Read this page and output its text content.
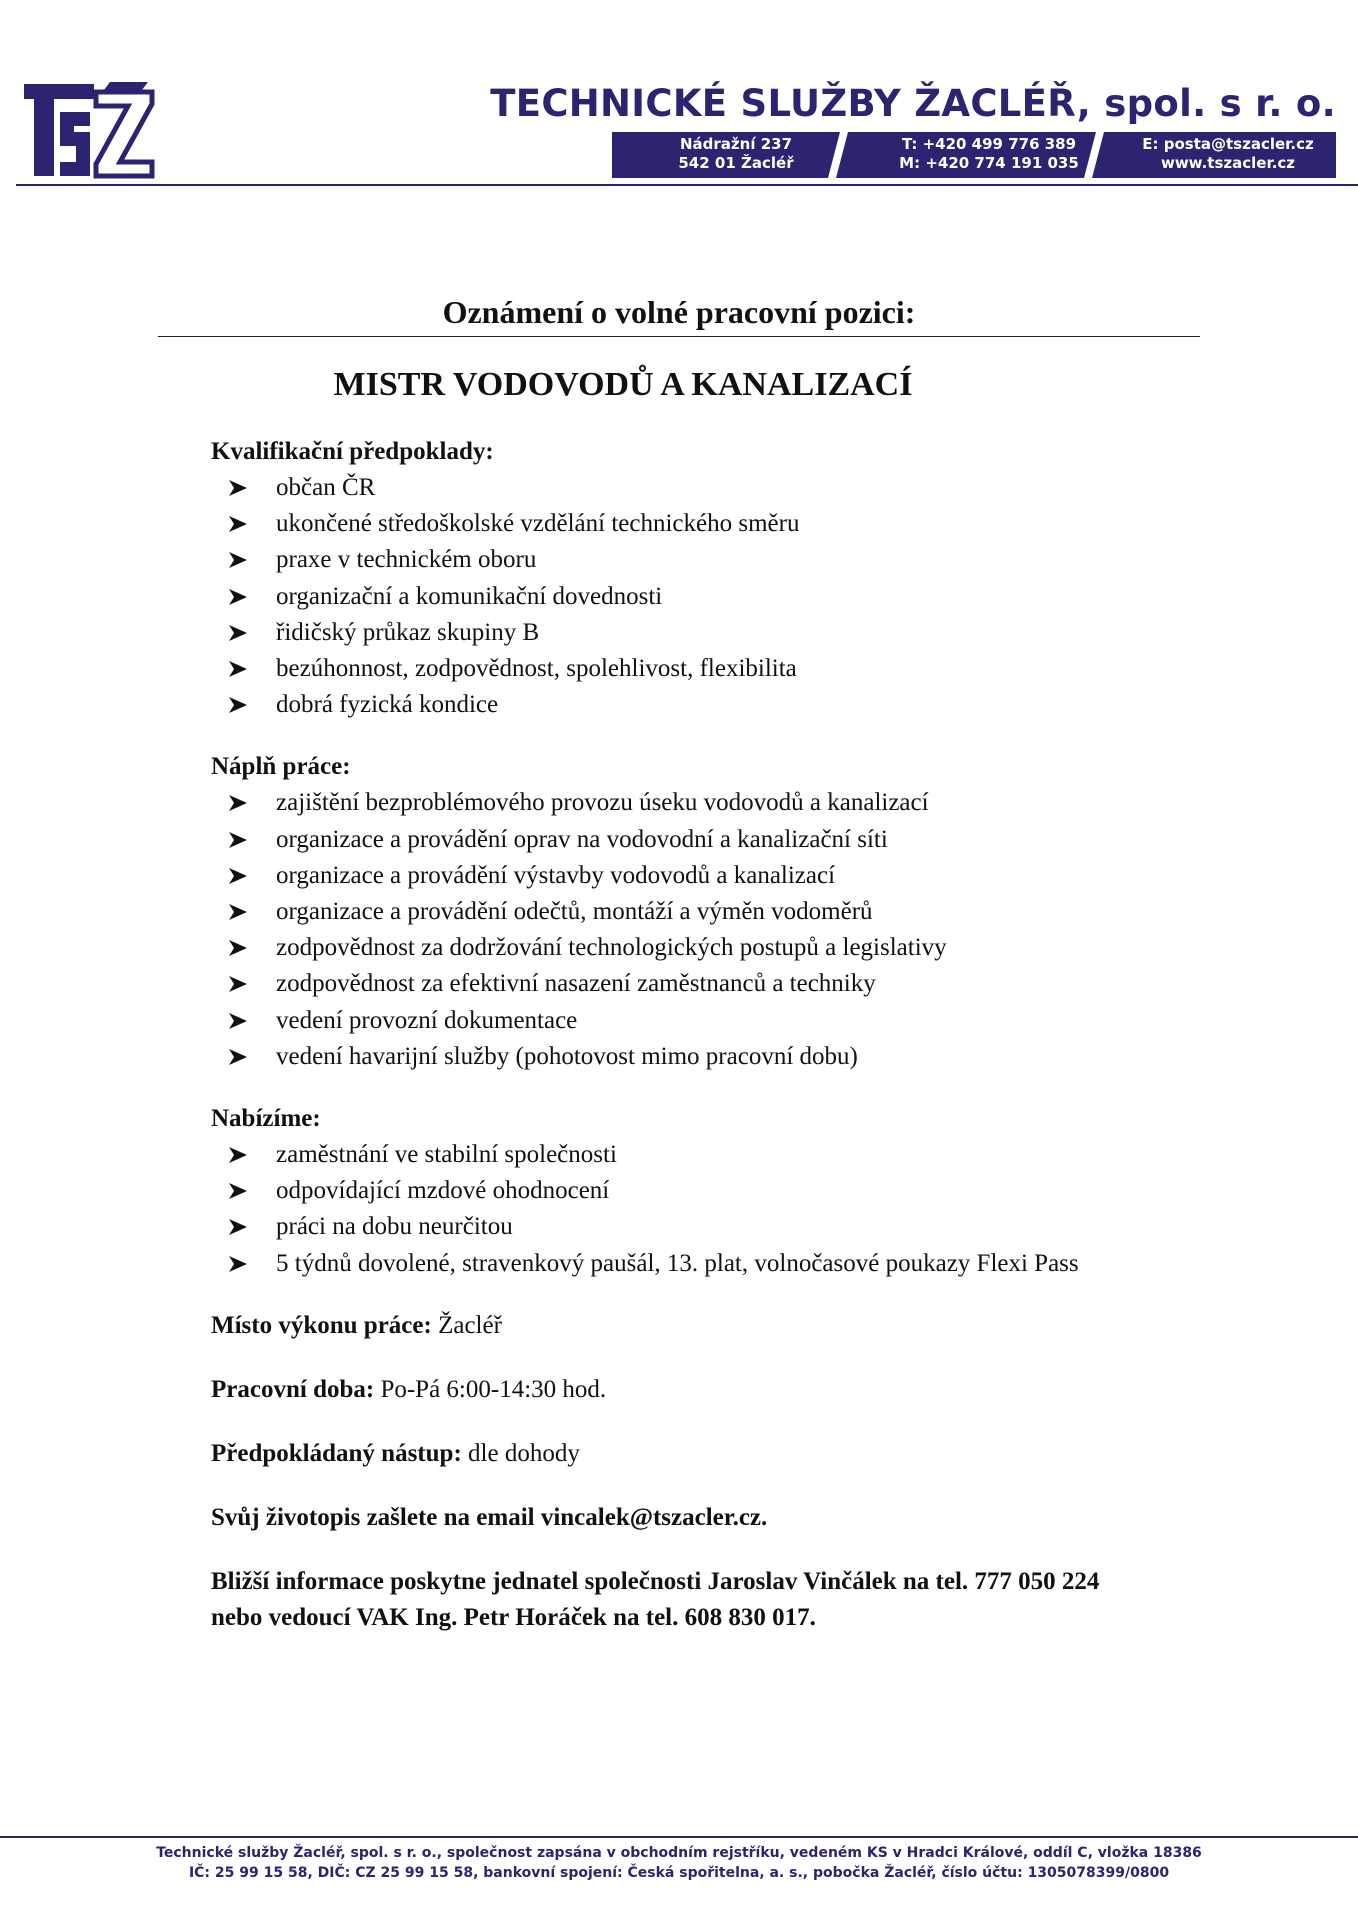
TECHNICKÉ SLUŽBY ŽACLÉŘ, spol. s r. o.
Nádražní 237
542 01 Žacléř
T: +420 499 776 389
M: +420 774 191 035
E: posta@tszacler.cz
www.tszacler.cz
Oznámení o volné pracovní pozici:
MISTR VODOVODŮ A KANALIZACÍ

Kvalifikační předpoklady:

občan ČR
ukončené středoškolské vzdělání technického směru
praxe v technickém oboru
organizační a komunikační dovednosti
řidičský průkaz skupiny B
bezúhonnost, zodpovědnost, spolehlivost, flexibilita
dobrá fyzická kondice

Náplň práce:

zajištění bezproblémového provozu úseku vodovodů a kanalizací
organizace a provádění oprav na vodovodní a kanalizační síti
organizace a provádění výstavby vodovodů a kanalizací
organizace a provádění odečtů, montáží a výměn vodoměrů
zodpovědnost za dodržování technologických postupů a legislativy
zodpovědnost za efektivní nasazení zaměstnanců a techniky
vedení provozní dokumentace
vedení havarijní služby (pohotovost mimo pracovní dobu)

Nabízíme:

zaměstnání ve stabilní společnosti
odpovídající mzdové ohodnocení
práci na dobu neurčitou
5 týdnů dovolené, stravenkový paušál, 13. plat, volnočasové poukazy Flexi Pass

Místo výkonu práce: Žacléř

Pracovní doba: Po-Pá 6:00-14:30 hod.

Předpokládaný nástup: dle dohody

Svůj životopis zašlete na email vincalek@tszacler.cz.

Bližší informace poskytne jednatel společnosti Jaroslav Vinčálek na tel. 777 050 224

nebo vedoucí VAK Ing. Petr Horáček na tel. 608 830 017.

Technické služby Žacléř, spol. s r. o., společnost zapsána v obchodním rejstříku, vedeném KS v Hradci Králové, oddíl C, vložka 18386
IČ: 25 99 15 58, DIČ: CZ 25 99 15 58, bankovní spojení: Česká spořitelna, a. s., pobočka Žacléř, číslo účtu: 1305078399/0800
